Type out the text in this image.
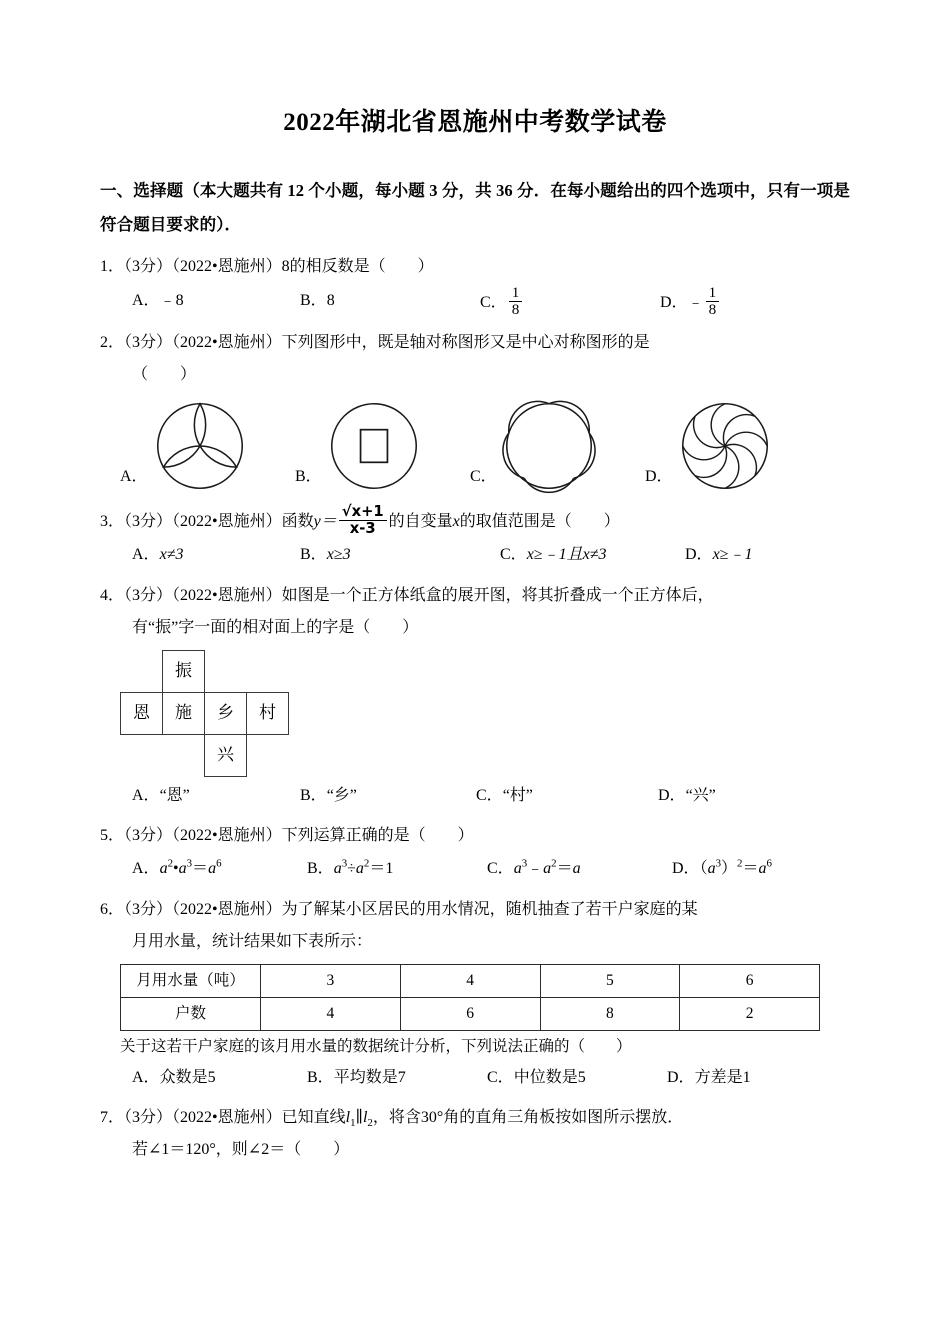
2022年湖北省恩施州中考数学试卷
一、选择题（本大题共有 12 个小题，每小题 3 分，共 36 分．在每小题给出的四个选项中，只有一项是符合题目要求的）．
1．（3分）（2022•恩施州）8的相反数是（　　）
A．﹣8	B．8	C． $\frac{1}{8}$	D．﹣ $\frac{1}{8}$
2．（3分）（2022•恩施州）下列图形中，既是轴对称图形又是中心对称图形的是
（　　）
A．	B．	C．	D．
3．（3分）（2022•恩施州）函数$y= \frac{√x+1}{x-3}$ 的自变量x的取值范围是（　　）
A．x≠3	B．x≥3	C．x≥﹣1且x≠3	D．x≥﹣1
4．（3分）（2022•恩施州）如图是一个正方体纸盒的展开图，将其折叠成一个正方体后，
有“振”字一面的相对面上的字是（　　）
	振		
恩	施	乡	村
		兴	
A．“恩”	B．“乡”	C．“村”	D．“兴”
5．（3分）（2022•恩施州）下列运算正确的是（　　）
A．$a^2•a^3=a^6$	B．$a^3\div a^2=1$	C．$a^3﹣a^2=a$	D．$(a^3)^2=a^6$
6．（3分）（2022•恩施州）为了解某小区居民的用水情况，随机抽查了若干户家庭的某
月用水量，统计结果如下表所示：
月用水量（吨）	3	4	5	6
户数	4	6	8	2
关于这若干户家庭的该月用水量的数据统计分析，下列说法正确的（　　）
A．众数是5	B．平均数是7	C．中位数是5	D．方差是1
7．（3分）（2022•恩施州）已知直线$l_1\parallel l_2$，将含30°角的直角三角板按如图所示摆放．
若∠1＝120°，则∠2＝（　　）
